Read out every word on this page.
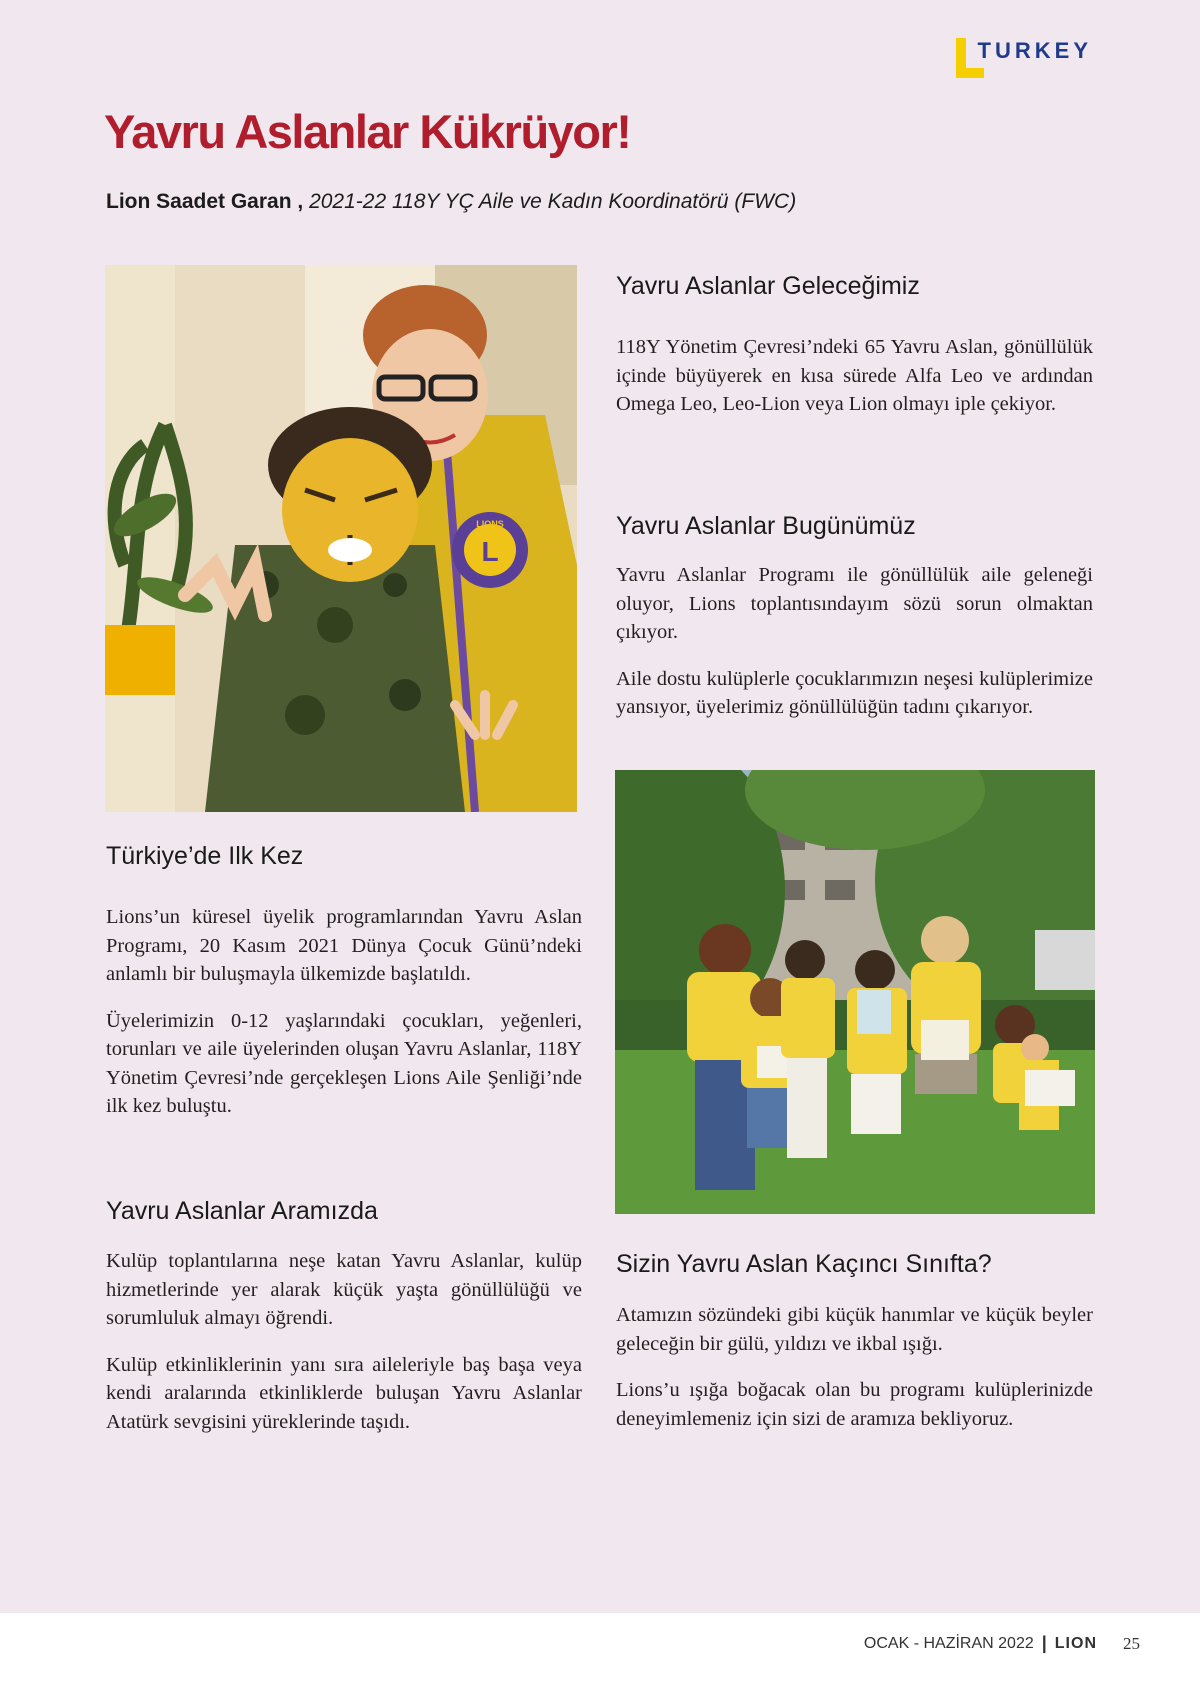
TURKEY
Yavru Aslanlar Kükrüyor!
Lion Saadet Garan , 2021-22 118Y YÇ Aile ve Kadın Koordinatörü (FWC)
L
LIONS
Yavru Aslanlar Geleceğimiz

118Y Yönetim Çevresi’ndeki 65 Yavru Aslan, gönüllülük içinde büyüyerek en kısa sürede Alfa Leo ve ardından Omega Leo, Leo-Lion veya Lion olmayı iple çekiyor.

Yavru Aslanlar Bugünümüz

Yavru Aslanlar Programı ile gönüllülük aile geleneği oluyor, Lions toplantısındayım sözü sorun olmaktan çıkıyor.

Aile dostu kulüplerle çocuklarımızın neşesi kulüplerimize yansıyor, üyelerimiz gönüllülüğün tadını çıkarıyor.

Türkiye’de Ilk Kez

Lions’un küresel üyelik programlarından Yavru Aslan Programı, 20 Kasım 2021 Dünya Çocuk Günü’ndeki anlamlı bir buluşmayla ülkemizde başlatıldı.

Üyelerimizin 0-12 yaşlarındaki çocukları, yeğenleri, torunları ve aile üyelerinden oluşan Yavru Aslanlar, 118Y Yönetim Çevresi’nde gerçekleşen Lions Aile Şenliği’nde ilk kez buluştu.

Yavru Aslanlar Aramızda

Kulüp toplantılarına neşe katan Yavru Aslanlar, kulüp hizmetlerinde yer alarak küçük yaşta gönüllülüğü ve sorumluluk almayı öğrendi.

Kulüp etkinliklerinin yanı sıra aileleriyle baş başa veya kendi aralarında etkinliklerde buluşan Yavru Aslanlar Atatürk sevgisini yüreklerinde taşıdı.

Sizin Yavru Aslan Kaçıncı Sınıfta?

Atamızın sözündeki gibi küçük hanımlar ve küçük beyler geleceğin bir gülü, yıldızı ve ikbal ışığı.

Lions’u ışığa boğacak olan bu programı kulüplerinizde deneyimlemeniz için sizi de aramıza bekliyoruz.

OCAK - HAZİRAN 2022 | LION 25
